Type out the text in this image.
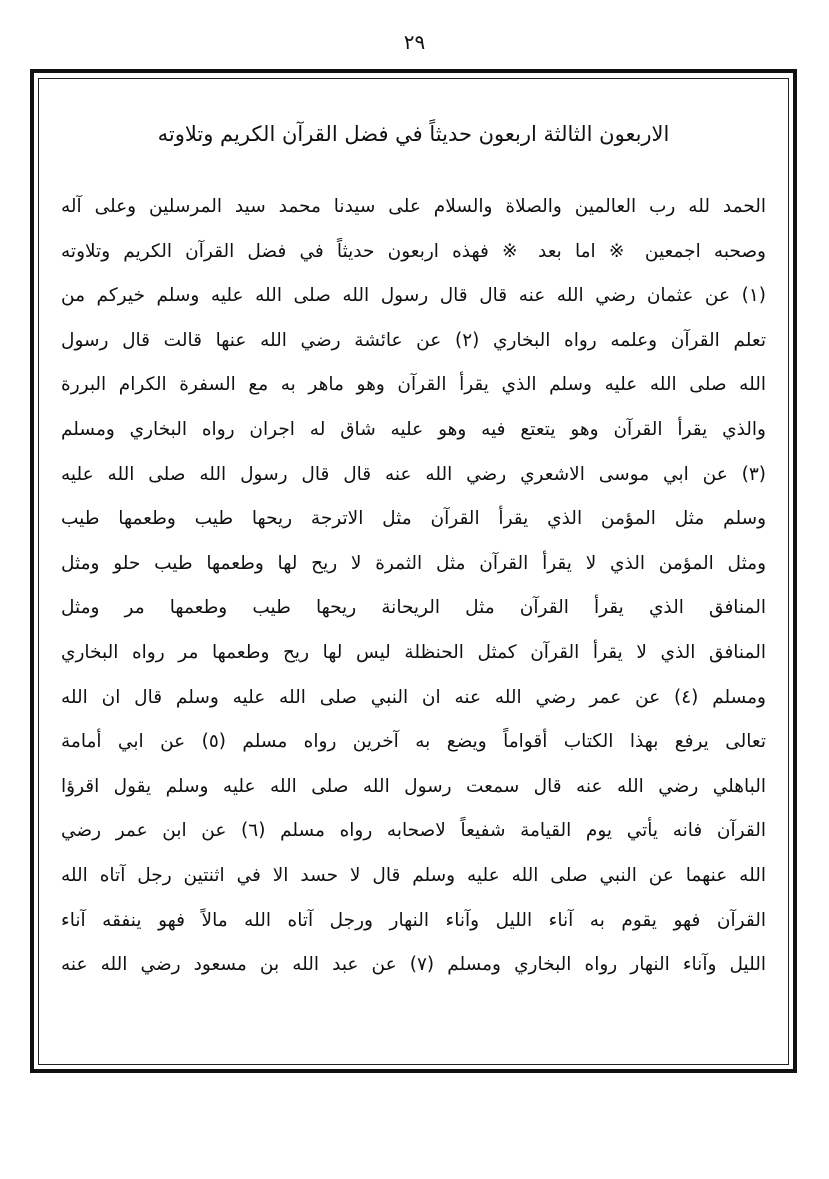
٢٩
الاربعون الثالثة اربعون حديثاً في فضل القرآن الكريم وتلاوته
الحمد لله رب العالمين والصلاة والسلام على سيدنا محمد سيد المرسلين وعلى آله
وصحبه اجمعين ※ اما بعد ※ فهذه اربعون حديثاً في فضل القرآن الكريم وتلاوته
(١) عن عثمان رضي الله عنه قال قال رسول الله صلى الله عليه وسلم خيركم من
تعلم القرآن وعلمه رواه البخاري (٢) عن عائشة رضي الله عنها قالت قال رسول
الله صلى الله عليه وسلم الذي يقرأ القرآن وهو ماهر به مع السفرة الكرام البررة
والذي يقرأ القرآن وهو يتعتع فيه وهو عليه شاق له اجران رواه البخاري ومسلم
(٣) عن ابي موسى الاشعري رضي الله عنه قال قال رسول الله صلى الله عليه
وسلم مثل المؤمن الذي يقرأ القرآن مثل الاترجة ريحها طيب وطعمها طيب
ومثل المؤمن الذي لا يقرأ القرآن مثل الثمرة لا ريح لها وطعمها طيب حلو ومثل
المنافق الذي يقرأ القرآن مثل الريحانة ريحها طيب وطعمها مر ومثل
المنافق الذي لا يقرأ القرآن كمثل الحنظلة ليس لها ريح وطعمها مر رواه البخاري
ومسلم (٤) عن عمر رضي الله عنه ان النبي صلى الله عليه وسلم قال ان الله
تعالى يرفع بهذا الكتاب أقواماً ويضع به آخرين رواه مسلم (٥) عن ابي أمامة
الباهلي رضي الله عنه قال سمعت رسول الله صلى الله عليه وسلم يقول اقرؤا
القرآن فانه يأتي يوم القيامة شفيعاً لاصحابه رواه مسلم (٦) عن ابن عمر رضي
الله عنهما عن النبي صلى الله عليه وسلم قال لا حسد الا في اثنتين رجل آتاه الله
القرآن فهو يقوم به آناء الليل وآناء النهار ورجل آتاه الله مالاً فهو ينفقه آناء
الليل وآناء النهار رواه البخاري ومسلم (٧) عن عبد الله بن مسعود رضي الله عنه
